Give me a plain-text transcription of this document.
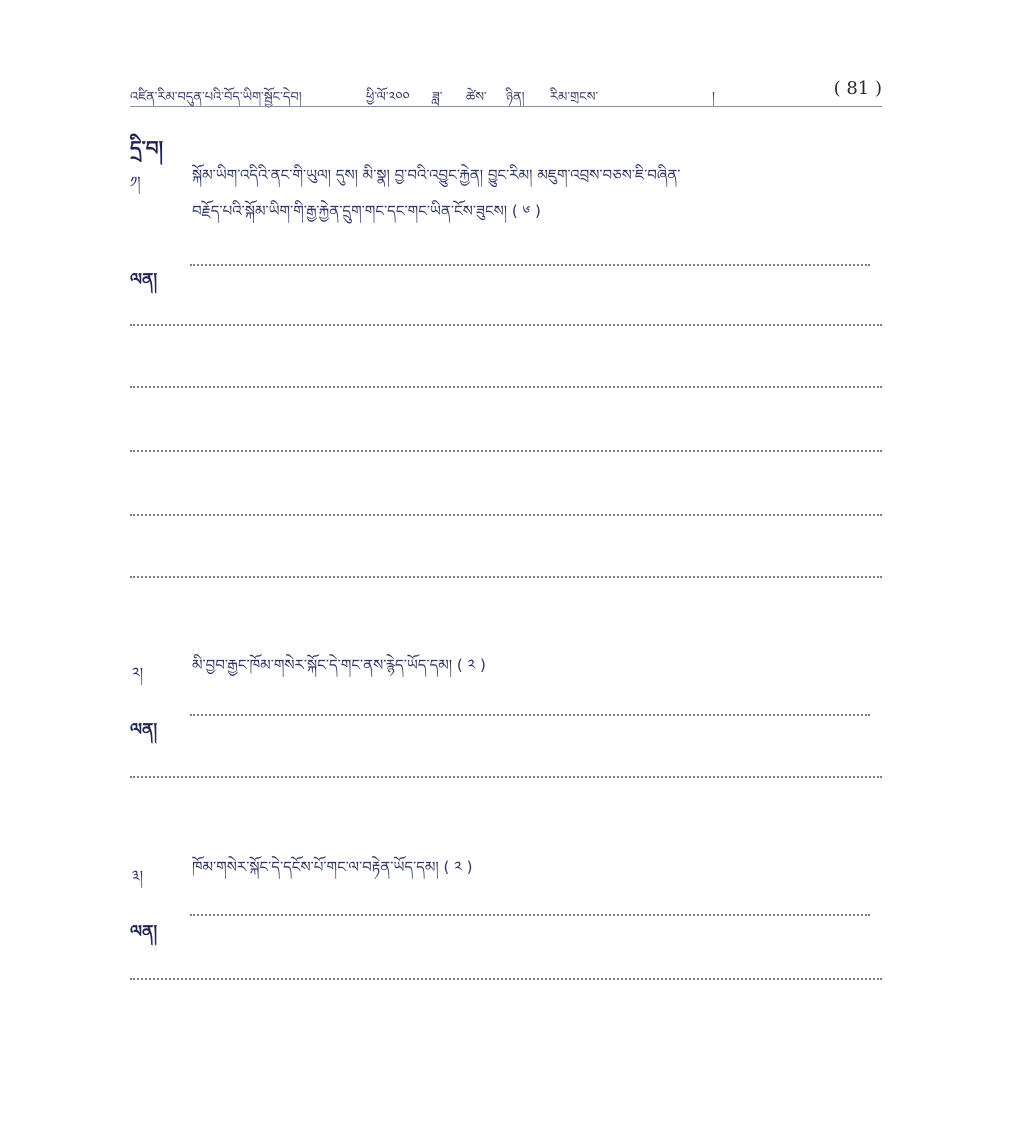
འཛིན་རིམ་བདུན་པའི་བོད་ཡིག་སྦྱོང་དེབ།	ཕྱི་ལོ་༢༠༠ ཟླ་ ཚེས་ ཉིན། རིམ་གྲངས་	།	( 81 )
དྲི་བ།
༡།	སྐོམ་ཡིག་འདིའི་ནང་གི་ཡུལ། དུས། མི་སྣ། བྱ་བའི་འབྱུང་རྐྱེན། བྱུང་རིམ། མཇུག་འབྲས་བཅས་ཇི་བཞིན་
བརྗོད་པའི་སྐོམ་ཡིག་གི་རྒྱ་རྐྱེན་དྲུག་གང་དང་གང་ཡིན་ངོས་ཟུངས། ( ༦ )
ལན།
༢།	མི་བྱབ་རྒྱང་ཁོམ་གསེར་སྐོང་དེ་གང་ནས་རྙེད་ཡོད་དམ། ( ༢ )
ལན།
༣།	ཁོམ་གསེར་སྐོང་དེ་དངོས་པོ་གང་ལ་བརྟེན་ཡོད་དམ། ( ༢ )
ལན།
